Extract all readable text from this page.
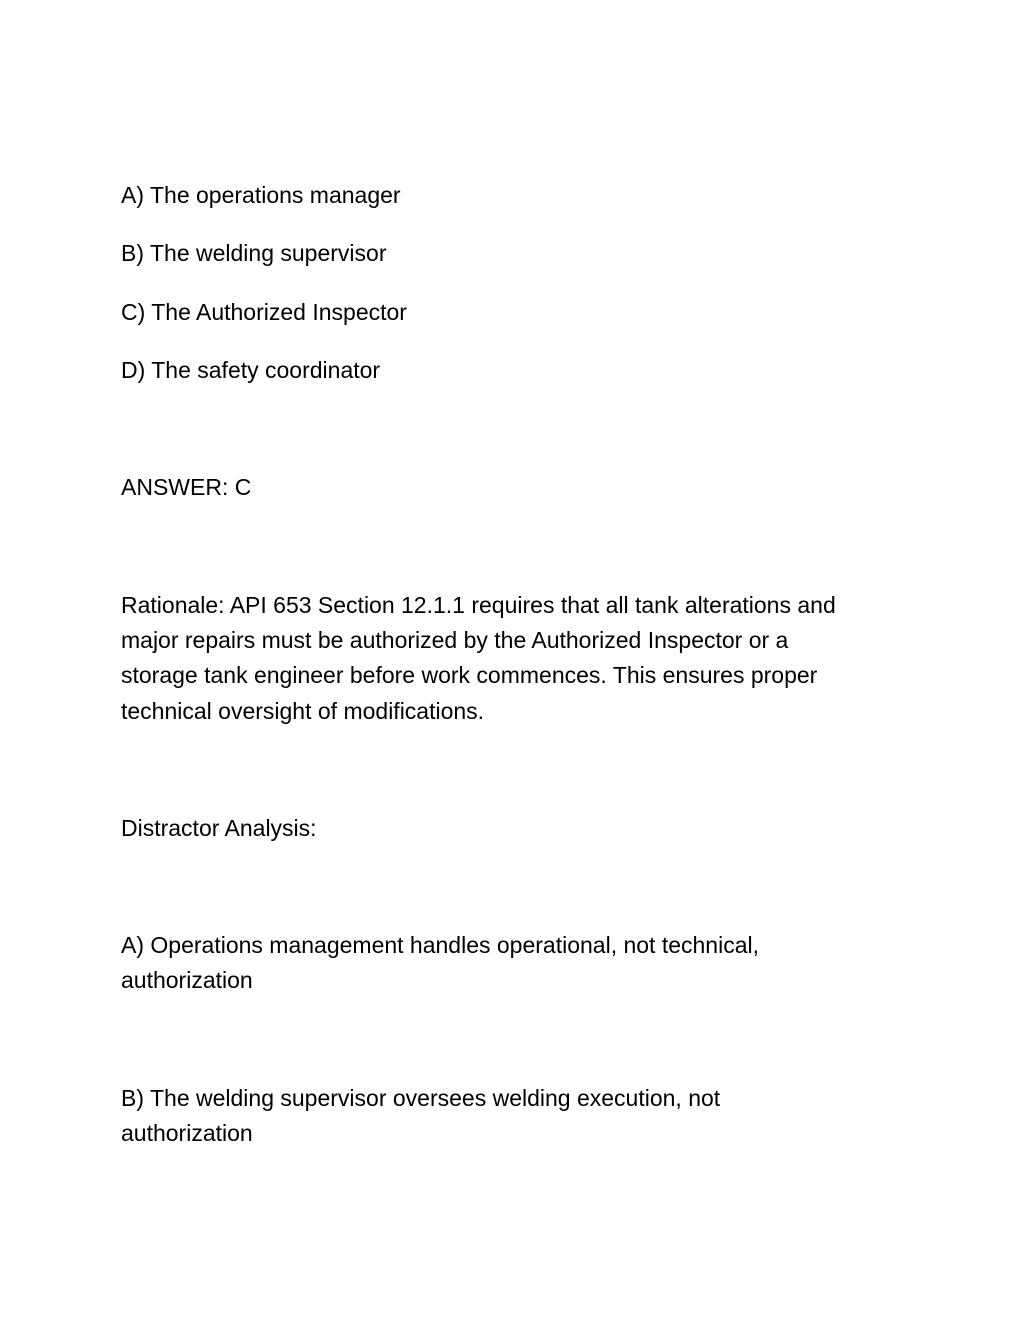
A) The operations manager

B) The welding supervisor

C) The Authorized Inspector

D) The safety coordinator

ANSWER: C

Rationale: API 653 Section 12.1.1 requires that all tank alterations and

major repairs must be authorized by the Authorized Inspector or a

storage tank engineer before work commences. This ensures proper

technical oversight of modifications.

Distractor Analysis:

A) Operations management handles operational, not technical,

authorization

B) The welding supervisor oversees welding execution, not

authorization
